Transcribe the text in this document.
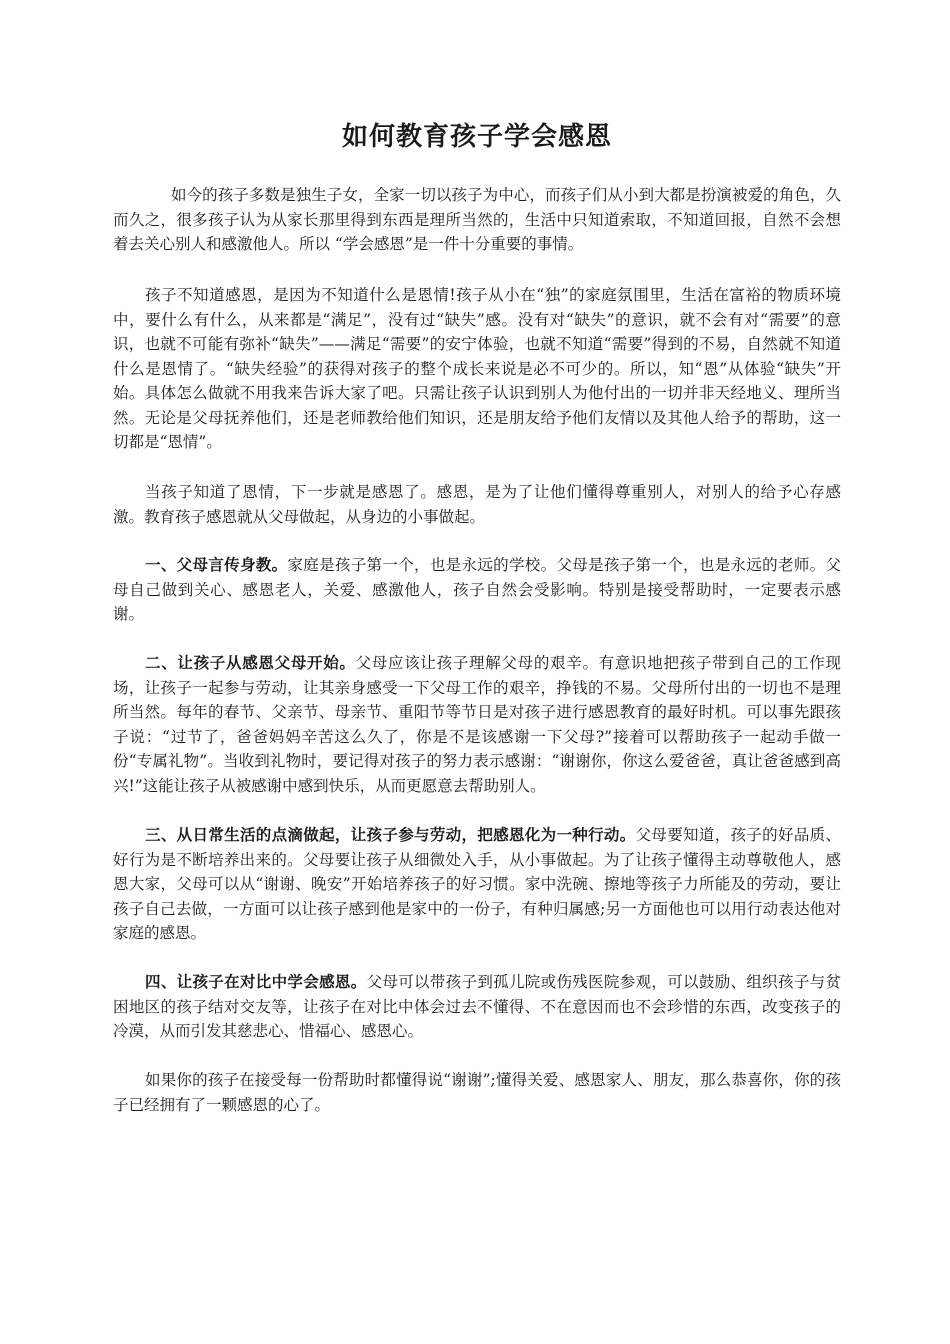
如何教育孩子学会感恩

如今的孩子多数是独生子女，全家一切以孩子为中心，而孩子们从小到大都是扮演被爱的角色，久而久之，很多孩子认为从家长那里得到东西是理所当然的，生活中只知道索取，不知道回报，自然不会想着去关心别人和感激他人。所以 “学会感恩”是一件十分重要的事情。

孩子不知道感恩，是因为不知道什么是恩情!孩子从小在“独”的家庭氛围里，生活在富裕的物质环境中，要什么有什么，从来都是“满足”，没有过“缺失”感。没有对“缺失”的意识，就不会有对“需要”的意识，也就不可能有弥补“缺失”——满足“需要”的安宁体验，也就不知道“需要”得到的不易，自然就不知道什么是恩情了。“缺失经验”的获得对孩子的整个成长来说是必不可少的。所以，知“恩”从体验“缺失”开始。具体怎么做就不用我来告诉大家了吧。只需让孩子认识到别人为他付出的一切并非天经地义、理所当然。无论是父母抚养他们，还是老师教给他们知识，还是朋友给予他们友情以及其他人给予的帮助，这一切都是“恩情”。

当孩子知道了恩情，下一步就是感恩了。感恩，是为了让他们懂得尊重别人，对别人的给予心存感激。教育孩子感恩就从父母做起，从身边的小事做起。

一、父母言传身教。家庭是孩子第一个，也是永远的学校。父母是孩子第一个，也是永远的老师。父母自己做到关心、感恩老人，关爱、感激他人，孩子自然会受影响。特别是接受帮助时，一定要表示感谢。

二、让孩子从感恩父母开始。父母应该让孩子理解父母的艰辛。有意识地把孩子带到自己的工作现场，让孩子一起参与劳动，让其亲身感受一下父母工作的艰辛，挣钱的不易。父母所付出的一切也不是理所当然。每年的春节、父亲节、母亲节、重阳节等节日是对孩子进行感恩教育的最好时机。可以事先跟孩子说：“过节了，爸爸妈妈辛苦这么久了，你是不是该感谢一下父母?”接着可以帮助孩子一起动手做一份“专属礼物”。当收到礼物时，要记得对孩子的努力表示感谢：“谢谢你，你这么爱爸爸，真让爸爸感到高兴!”这能让孩子从被感谢中感到快乐，从而更愿意去帮助别人。

三、从日常生活的点滴做起，让孩子参与劳动，把感恩化为一种行动。父母要知道，孩子的好品质、好行为是不断培养出来的。父母要让孩子从细微处入手，从小事做起。为了让孩子懂得主动尊敬他人，感恩大家，父母可以从“谢谢、晚安”开始培养孩子的好习惯。家中洗碗、擦地等孩子力所能及的劳动，要让孩子自己去做，一方面可以让孩子感到他是家中的一份子，有种归属感;另一方面他也可以用行动表达他对家庭的感恩。

四、让孩子在对比中学会感恩。父母可以带孩子到孤儿院或伤残医院参观，可以鼓励、组织孩子与贫困地区的孩子结对交友等，让孩子在对比中体会过去不懂得、不在意因而也不会珍惜的东西，改变孩子的冷漠，从而引发其慈悲心、惜福心、感恩心。

如果你的孩子在接受每一份帮助时都懂得说“谢谢”;懂得关爱、感恩家人、朋友，那么恭喜你，你的孩子已经拥有了一颗感恩的心了。
